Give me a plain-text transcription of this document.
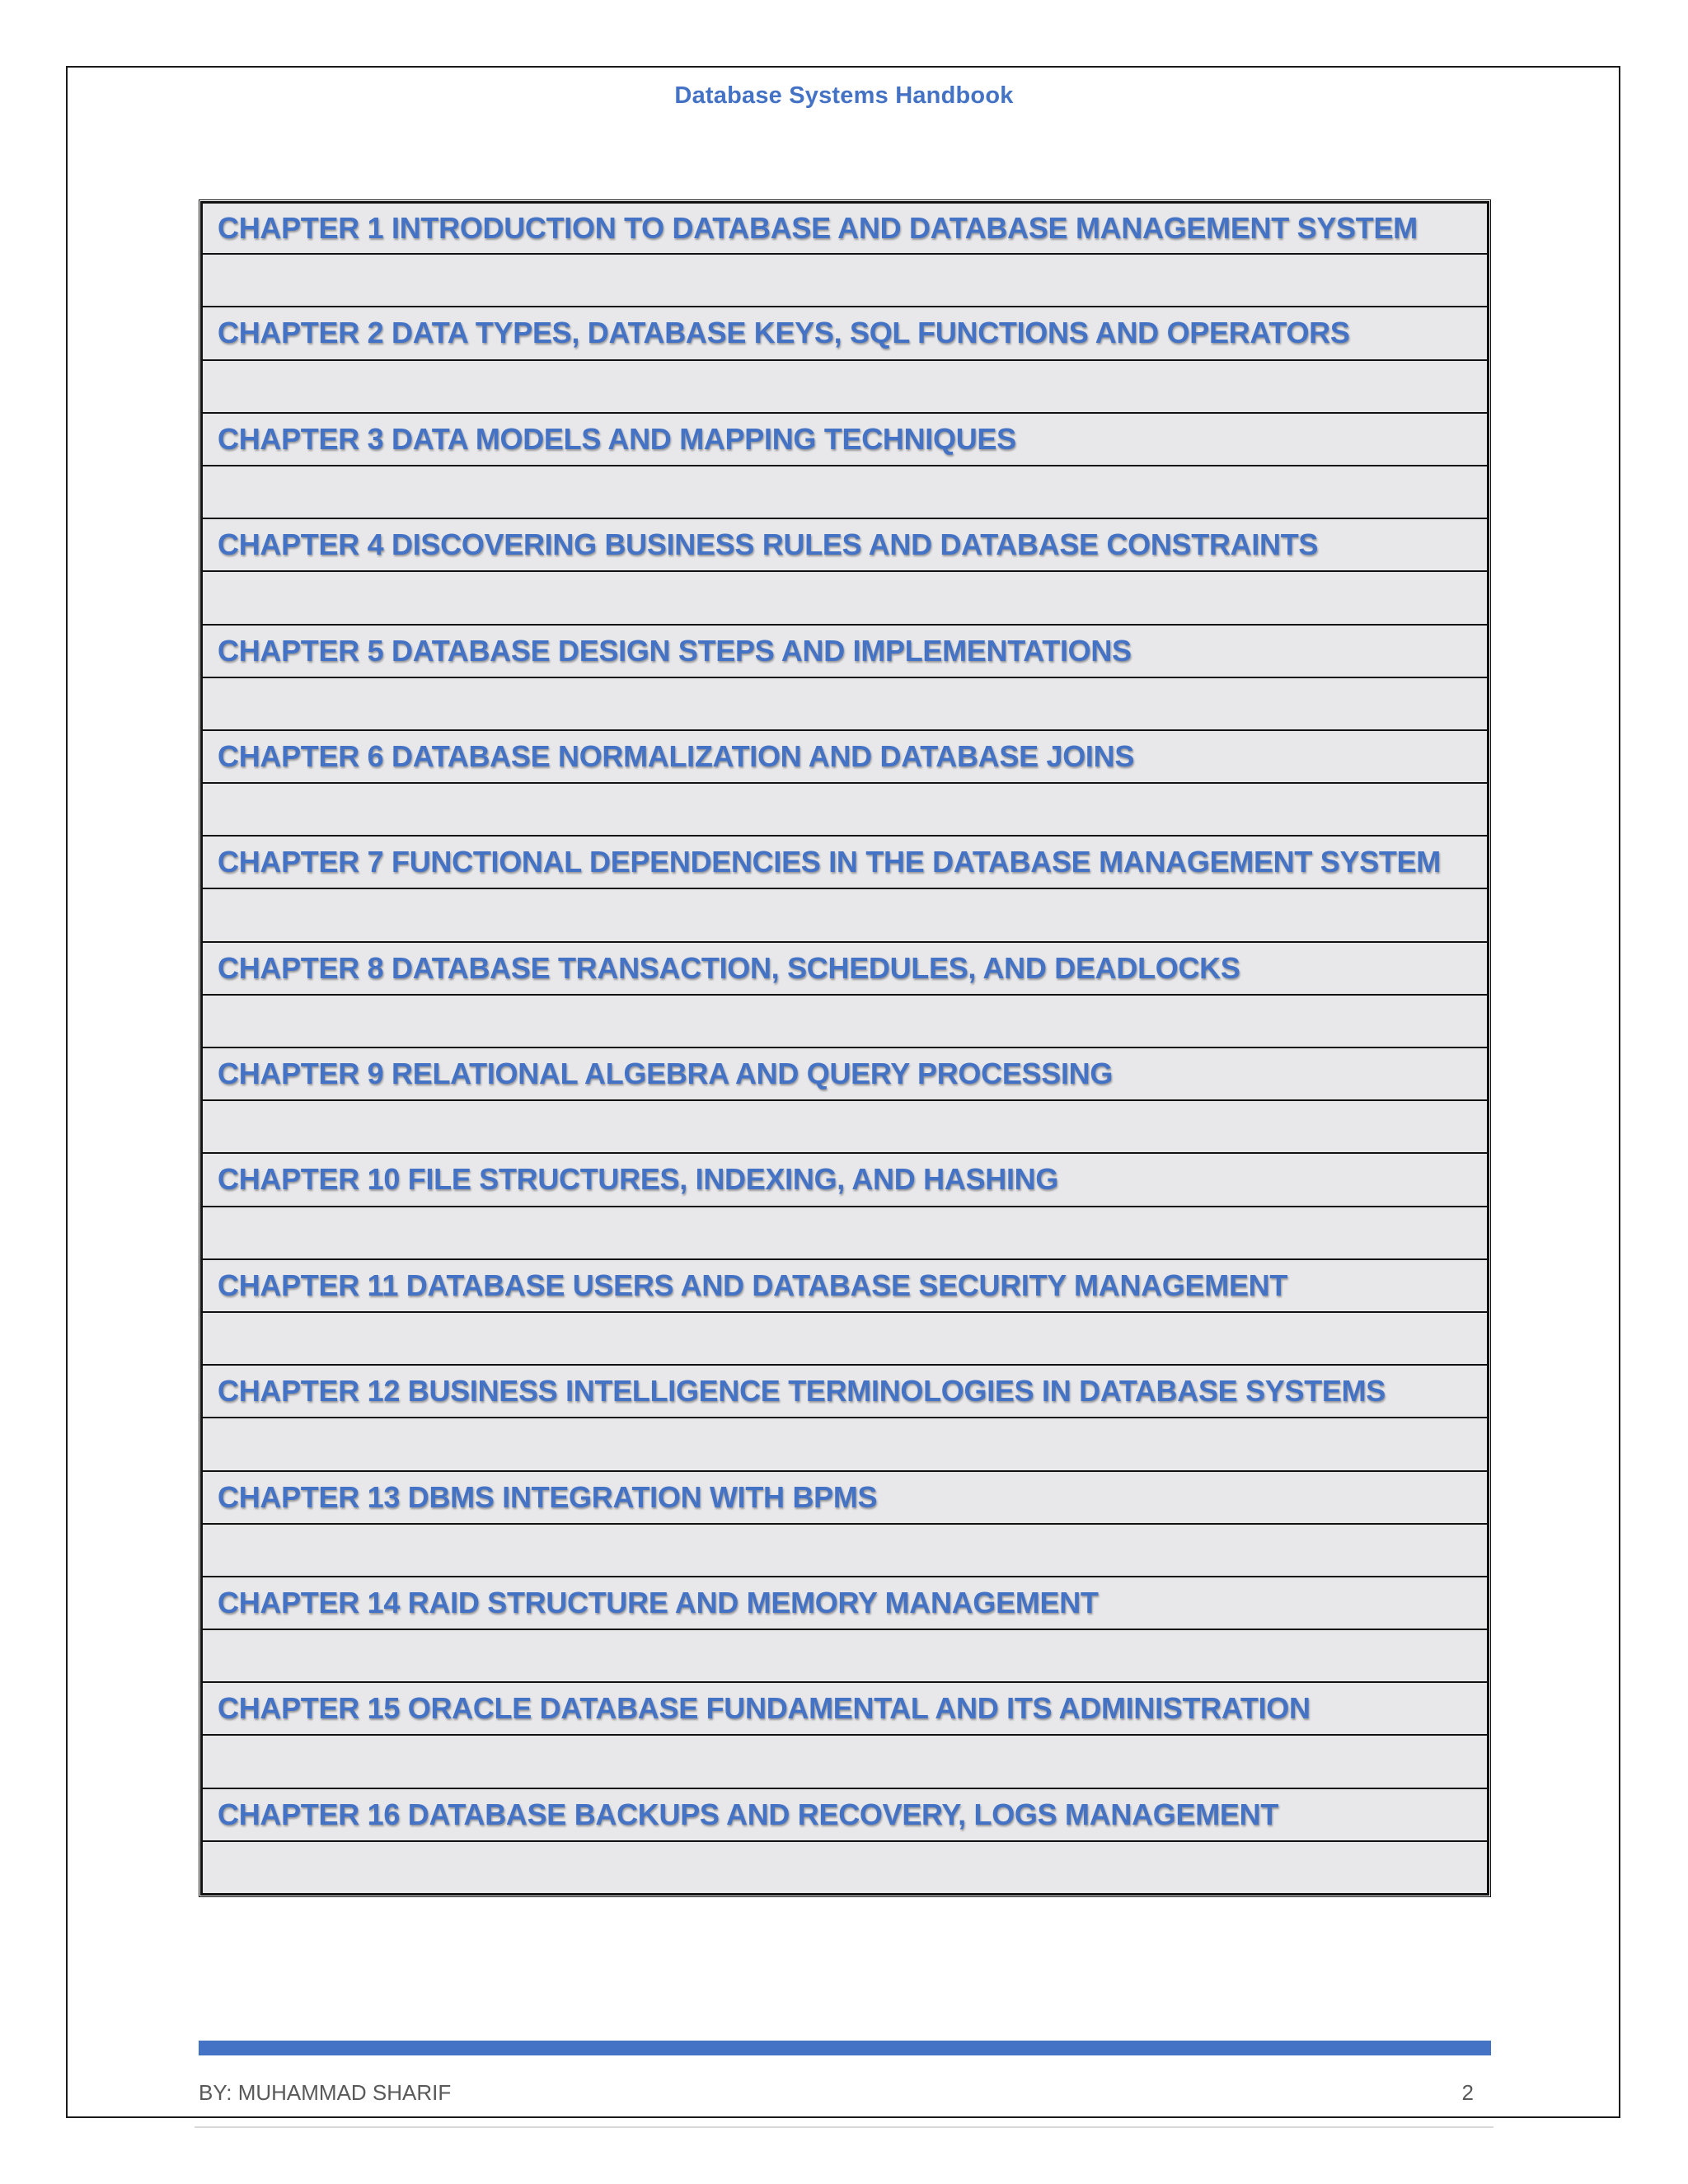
Database Systems Handbook
CHAPTER 1 INTRODUCTION TO DATABASE AND DATABASE MANAGEMENT SYSTEM
CHAPTER 2 DATA TYPES, DATABASE KEYS, SQL FUNCTIONS AND OPERATORS
CHAPTER 3 DATA MODELS AND MAPPING TECHNIQUES
CHAPTER 4 DISCOVERING BUSINESS RULES AND DATABASE CONSTRAINTS
CHAPTER 5 DATABASE DESIGN STEPS AND IMPLEMENTATIONS
CHAPTER 6 DATABASE NORMALIZATION AND DATABASE JOINS
CHAPTER 7 FUNCTIONAL DEPENDENCIES IN THE DATABASE MANAGEMENT SYSTEM
CHAPTER 8 DATABASE TRANSACTION, SCHEDULES, AND DEADLOCKS
CHAPTER 9 RELATIONAL ALGEBRA AND QUERY PROCESSING
CHAPTER 10 FILE STRUCTURES, INDEXING, AND HASHING
CHAPTER 11 DATABASE USERS AND DATABASE SECURITY MANAGEMENT
CHAPTER 12 BUSINESS INTELLIGENCE TERMINOLOGIES IN DATABASE SYSTEMS
CHAPTER 13 DBMS INTEGRATION WITH BPMS
CHAPTER 14 RAID STRUCTURE AND MEMORY MANAGEMENT
CHAPTER 15 ORACLE DATABASE FUNDAMENTAL AND ITS ADMINISTRATION
CHAPTER 16 DATABASE BACKUPS AND RECOVERY, LOGS MANAGEMENT
BY: MUHAMMAD SHARIF	2
